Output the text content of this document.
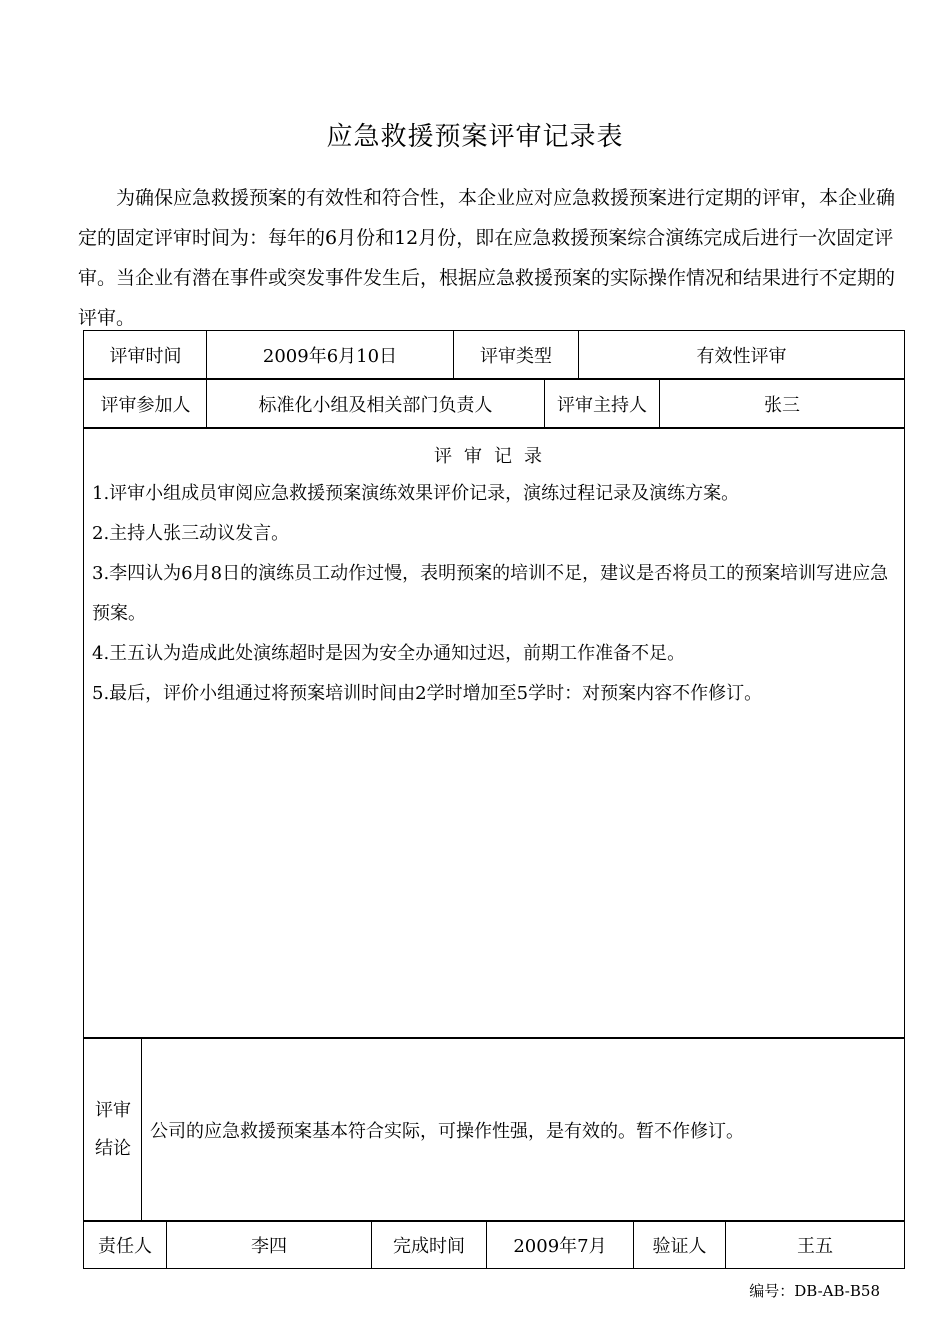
应急救援预案评审记录表

为确保应急救援预案的有效性和符合性，本企业应对应急救援预案进行定期的评审，本企业确定的固定评审时间为：每年的6月份和12月份，即在应急救援预案综合演练完成后进行一次固定评审。当企业有潜在事件或突发事件发生后，根据应急救援预案的实际操作情况和结果进行不定期的评审。

评审时间	2009年6月10日	评审类型	有效性评审
评审参加人	标准化小组及相关部门负责人	评审主持人	张三
评审记录
1.评审小组成员审阅应急救援预案演练效果评价记录，演练过程记录及演练方案。
2.主持人张三动议发言。
3.李四认为6月8日的演练员工动作过慢，表明预案的培训不足，建议是否将员工的预案培训写进应急预案。
4.王五认为造成此处演练超时是因为安全办通知过迟，前期工作准备不足。
5.最后，评价小组通过将预案培训时间由2学时增加至5学时：对预案内容不作修订。
评审
结论
公司的应急救援预案基本符合实际，可操作性强，是有效的。暂不作修订。
责任人	李四	完成时间	2009年7月	验证人	王五
编号：DB-AB-B58
